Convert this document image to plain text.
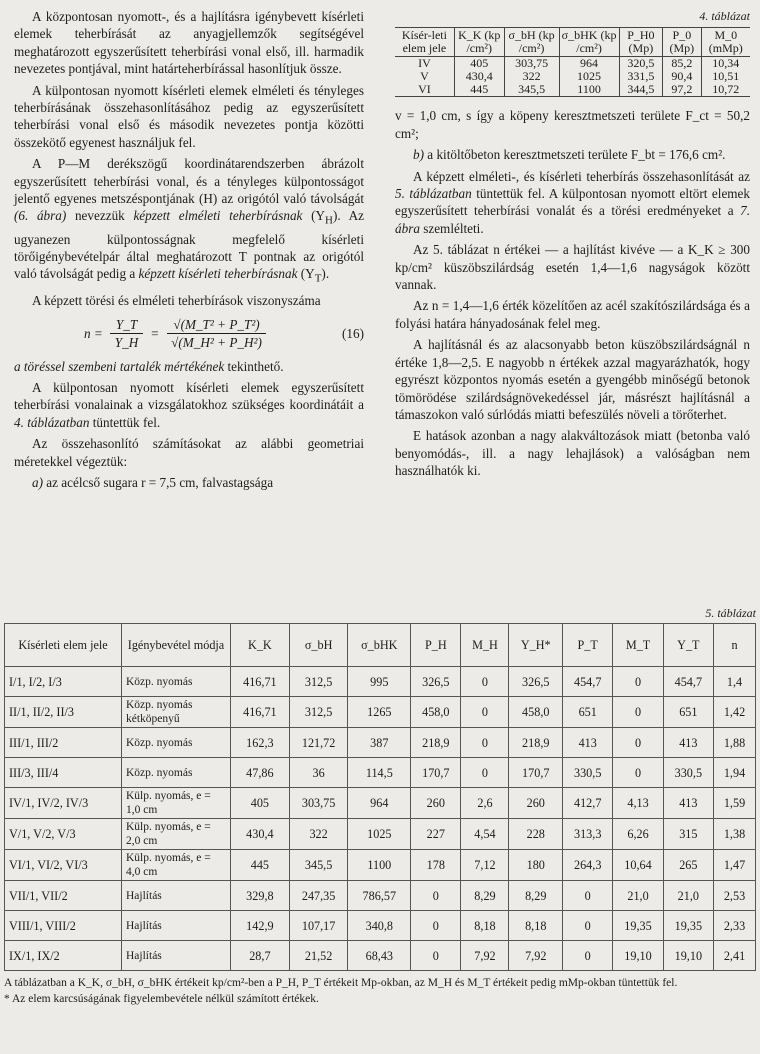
A központosan nyomott-, és a hajlításra igénybevett kísérleti elemek teherbírását az anyagjellemzők segítségével meghatározott egyszerűsített teherbírási vonal első, ill. harmadik nevezetes pontjával, mint határteherbírással hasonlítjuk össze.

A külpontosan nyomott kísérleti elemek elméleti és tényleges teherbírásának összehasonlításához pedig az egyszerűsített teherbírási vonal első és második nevezetes pontja közötti összekötő egyenest használjuk fel.

A P—M derékszögű koordinátarendszerben ábrázolt egyszerűsített teherbírási vonal, és a tényleges külpontosságot jelentő egyenes metszéspontjának (H) az origótól való távolságát (6. ábra) nevezzük képzett elméleti teherbírásnak $(Y_H)$. Az ugyanezen külpontosságnak megfelelő kísérleti törőigénybevételpár által meghatározott T pontnak az origótól való távolságát pedig a képzett kísérleti teherbírásnak $(Y_T)$.

A képzett törési és elméleti teherbírások viszonyszáma

$n = \frac{Y\_T}{Y\_H} = \frac{\text{√(M\_T² + P\_T²)}}{\text{√(M\_H² + P\_H²)}}$	(16)

a töréssel szembeni tartalék mértékének tekinthető.

A külpontosan nyomott kísérleti elemek egyszerűsített teherbírási vonalainak a vizsgálatokhoz szükséges koordinátáit a 4. táblázatban tüntettük fel.

Az összehasonlító számításokat az alábbi geometriai méretekkel végeztük:

a) az acélcső sugara r = 7,5 cm, falvastagsága

4. táblázat
Kísér-leti elem jele	K_K (kp /cm²)	σ_bH (kp /cm²)	σ_bHK (kp /cm²)	P_H0 (Mp)	P_0 (Mp)	M_0 (mMp)
IV	405	303,75	964	320,5	85,2	10,34
V	430,4	322	1025	331,5	90,4	10,51
VI	445	345,5	1100	344,5	97,2	10,72

v = 1,0 cm, s így a köpeny keresztmetszeti területe F_ct = 50,2 cm²;

b) a kitöltőbeton keresztmetszeti területe F_bt = 176,6 cm².

A képzett elméleti-, és kísérleti teherbírás összehasonlítását az 5. táblázatban tüntettük fel. A külpontosan nyomott eltört elemek egyszerűsített teherbírási vonalát és a törési eredményeket a 7. ábra szemlélteti.

Az 5. táblázat n értékei — a hajlítást kivéve — a K_K ≥ 300 kp/cm² küszöbszilárdság esetén 1,4—1,6 nagyságok között vannak.

Az n = 1,4—1,6 érték közelítően az acél szakítószilárdsága és a folyási határa hányadosának felel meg.

A hajlításnál és az alacsonyabb beton küszöbszilárdságnál n értéke 1,8—2,5. E nagyobb n értékek azzal magyarázhatók, hogy egyrészt központos nyomás esetén a gyengébb minőségű betonok tömörödése szilárdságnövekedéssel jár, másrészt hajlításnál a támaszokon való súrlódás miatti befeszülés növeli a törőterhet.

E hatások azonban a nagy alakváltozások miatt (betonba való benyomódás-, ill. a nagy lehajlások) a valóságban nem használhatók ki.

5. táblázat
Kísérleti elem jele	Igénybevétel módja	K_K	σ_bH	σ_bHK	P_H	M_H	Y_H*	P_T	M_T	Y_T	n
I/1, I/2, I/3	Közp. nyomás	416,71	312,5	995	326,5	0	326,5	454,7	0	454,7	1,4
II/1, II/2, II/3	Közp. nyomás kétköpenyű	416,71	312,5	1265	458,0	0	458,0	651	0	651	1,42
III/1, III/2	Közp. nyomás	162,3	121,72	387	218,9	0	218,9	413	0	413	1,88
III/3, III/4	Közp. nyomás	47,86	36	114,5	170,7	0	170,7	330,5	0	330,5	1,94
IV/1, IV/2, IV/3	Külp. nyomás, e = 1,0 cm	405	303,75	964	260	2,6	260	412,7	4,13	413	1,59
V/1, V/2, V/3	Külp. nyomás, e = 2,0 cm	430,4	322	1025	227	4,54	228	313,3	6,26	315	1,38
VI/1, VI/2, VI/3	Külp. nyomás, e = 4,0 cm	445	345,5	1100	178	7,12	180	264,3	10,64	265	1,47
VII/1, VII/2	Hajlítás	329,8	247,35	786,57	0	8,29	8,29	0	21,0	21,0	2,53
VIII/1, VIII/2	Hajlítás	142,9	107,17	340,8	0	8,18	8,18	0	19,35	19,35	2,33
IX/1, IX/2	Hajlítás	28,7	21,52	68,43	0	7,92	7,92	0	19,10	19,10	2,41
A táblázatban a K_K, σ_bH, σ_bHK értékeit kp/cm²-ben a P_H, P_T értékeit Mp-okban, az M_H és M_T értékeit pedig mMp-okban tüntettük fel.
* Az elem karcsúságának figyelembevétele nélkül számított értékek.
